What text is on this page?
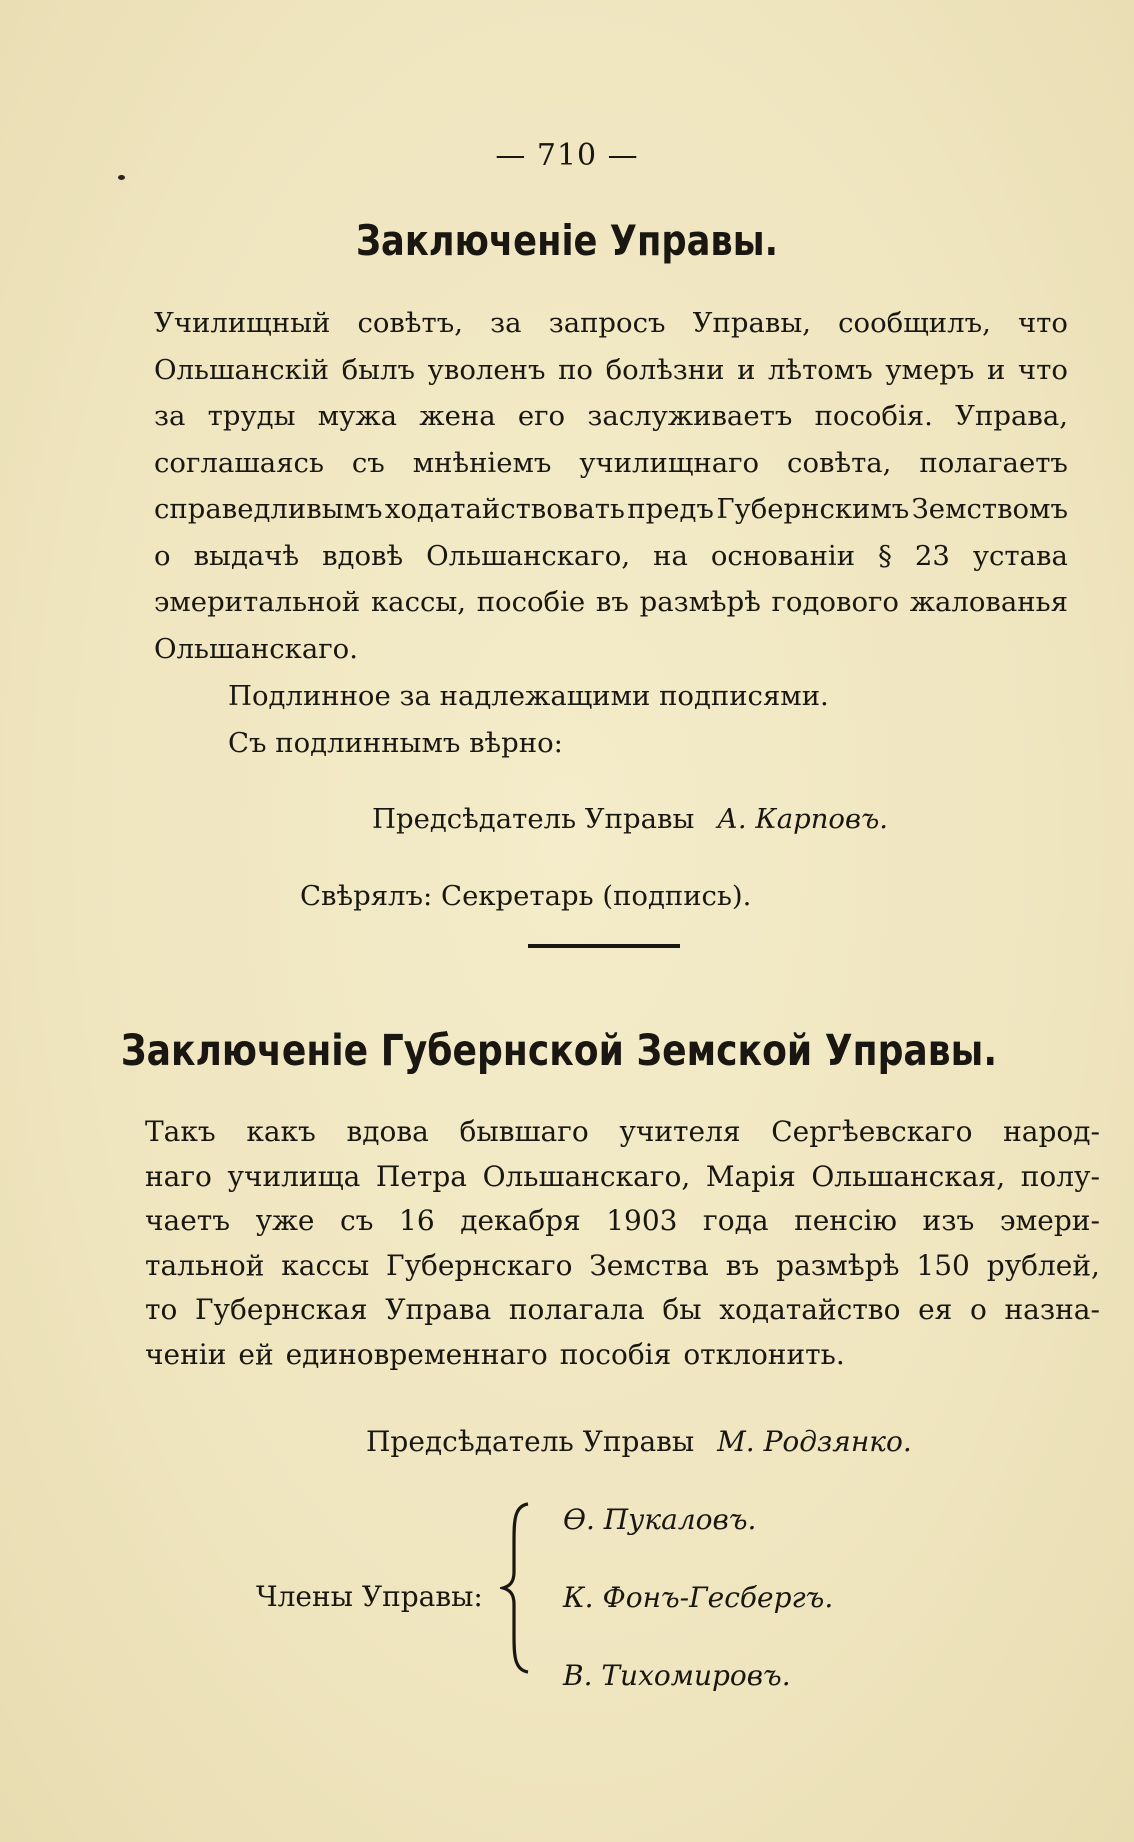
— 710 —
Заключеніе Управы.
Училищный совѣтъ, за запросъ Управы, сообщилъ, что
Ольшанскій былъ уволенъ по болѣзни и лѣтомъ умеръ и что
за труды мужа жена его заслуживаетъ пособія. Управа,
соглашаясь съ мнѣніемъ училищнаго совѣта, полагаетъ
справедливымъ ходатайствовать предъ Губернскимъ Земствомъ
о выдачѣ вдовѣ Ольшанскаго, на основаніи § 23 устава
эмеритальной кассы, пособіе въ размѣрѣ годового жалованья
Ольшанскаго.
Подлинное за надлежащими подписями.
Съ подлиннымъ вѣрно:
Предсѣдатель Управы А. Карповъ.
Свѣрялъ: Секретарь (подпись).
Заключеніе Губернской Земской Управы.
Такъ какъ вдова бывшаго учителя Сергѣевскаго народ-
наго училища Петра Ольшанскаго, Марія Ольшанская, полу-
чаетъ уже съ 16 декабря 1903 года пенсію изъ эмери-
тальной кассы Губернскаго Земства въ размѣрѣ 150 рублей,
то Губернская Управа полагала бы ходатайство ея о назна-
ченіи ей единовременнаго пособія отклонить.
Предсѣдатель Управы М. Родзянко.
Члены Управы:
Ѳ. Пукаловъ.
К. Фонъ-Гесбергъ.
В. Тихомировъ.
